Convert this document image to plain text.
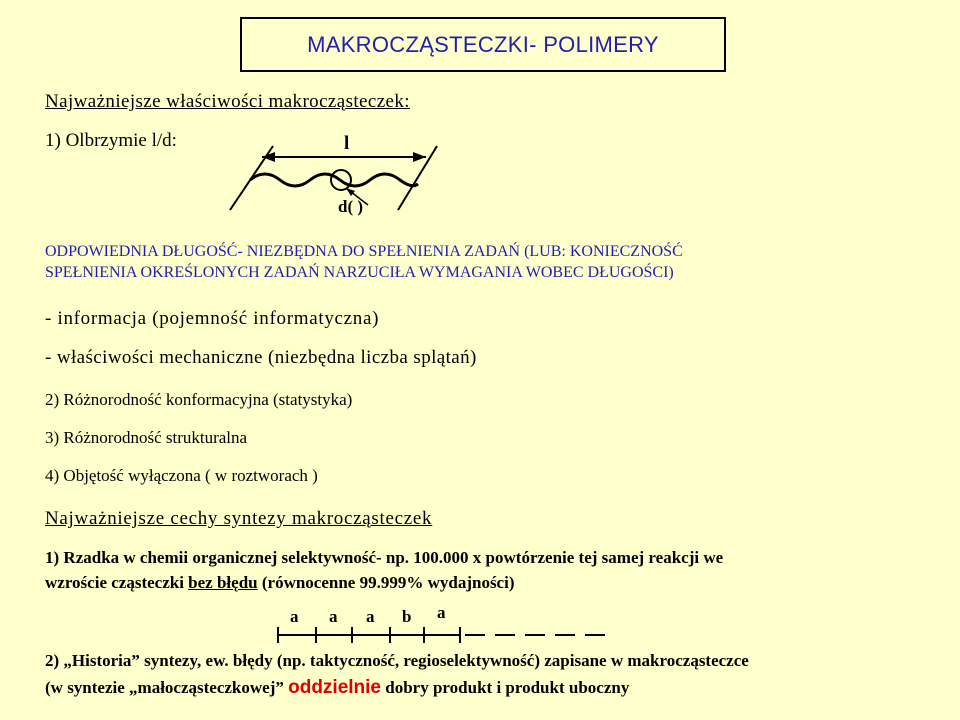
MAKROCZĄSTECZKI- POLIMERY
Najważniejsze właściwości makrocząsteczek:
1) Olbrzymie l/d:	l
d( )
ODPOWIEDNIA DŁUGOŚĆ- NIEZBĘDNA DO SPEŁNIENIA ZADAŃ (LUB: KONIECZNOŚĆ
SPEŁNIENIA OKREŚLONYCH ZADAŃ NARZUCIŁA WYMAGANIA WOBEC DŁUGOŚCI)
- informacja (pojemność informatyczna)
- właściwości mechaniczne (niezbędna liczba splątań)
2) Różnorodność konformacyjna (statystyka)
3) Różnorodność strukturalna
4) Objętość wyłączona ( w roztworach )
Najważniejsze cechy syntezy makrocząsteczek
1) Rzadka w chemii organicznej selektywność- np. 100.000 x powtórzenie tej samej reakcji we
wzroście cząsteczki bez błędu (równocenne 99.999% wydajności)
a a a b a
2) „Historia” syntezy, ew. błędy (np. taktyczność, regioselektywność) zapisane w makrocząsteczce
(w syntezie „małocząsteczkowej” oddzielnie dobry produkt i produkt uboczny
